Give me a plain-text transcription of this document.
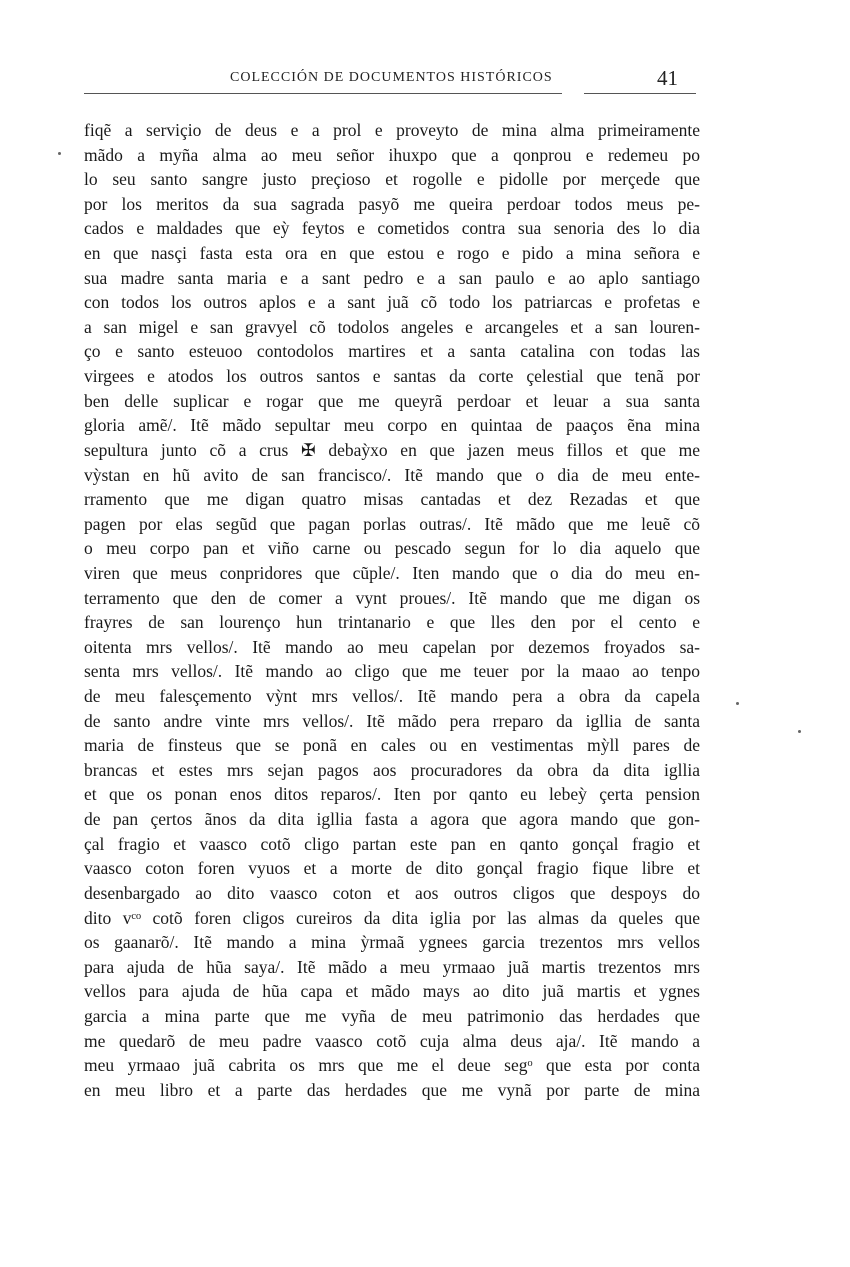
COLECCIÓN DE DOCUMENTOS HISTÓRICOS	41
fiqẽ a serviçio de deus e a prol e proveyto de mina alma primeiramente
mãdo a myña alma ao meu señor ihuxpo que a qonprou e redemeu po
lo seu santo sangre justo preçioso et rogolle e pidolle por merçede que
por los meritos da sua sagrada pasyõ me queira perdoar todos meus pe-
cados e maldades que eỳ feytos e cometidos contra sua senoria des lo dia
en que nasçi fasta esta ora en que estou e rogo e pido a mina señora e
sua madre santa maria e a sant pedro e a san paulo e ao aplo santiago
con todos los outros aplos e a sant juã cõ todo los patriarcas e profetas e
a san migel e san gravyel cõ todolos angeles e arcangeles et a san louren-
ço e santo esteuoo contodolos martires et a santa catalina con todas las
virgees e atodos los outros santos e santas da corte çelestial que tenã por
ben delle suplicar e rogar que me queyrã perdoar et leuar a sua santa
gloria amẽ/. Itẽ mãdo sepultar meu corpo en quintaa de paaços ẽna mina
sepultura junto cõ a crus ✠ debaỳxo en que jazen meus fillos et que me
vỳstan en hũ avito de san francisco/. Itẽ mando que o dia de meu ente-
rramento que me digan quatro misas cantadas et dez Rezadas et que
pagen por elas segũd que pagan porlas outras/. Itẽ mãdo que me leuẽ cõ
o meu corpo pan et viño carne ou pescado segun for lo dia aquelo que
viren que meus conpridores que cũple/. Iten mando que o dia do meu en-
terramento que den de comer a vynt proues/. Itẽ mando que me digan os
frayres de san lourenço hun trintanario e que lles den por el cento e
oitenta mrs vellos/. Itẽ mando ao meu capelan por dezemos froyados sa-
senta mrs vellos/. Itẽ mando ao cligo que me teuer por la maao ao tenpo
de meu falesçemento vỳnt mrs vellos/. Itẽ mando pera a obra da capela
de santo andre vinte mrs vellos/. Itẽ mãdo pera rreparo da igllia de santa
maria de finsteus que se ponã en cales ou en vestimentas mỳll pares de
brancas et estes mrs sejan pagos aos procuradores da obra da dita igllia
et que os ponan enos ditos reparos/. Iten por qanto eu lebeỳ çerta pension
de pan çertos ãnos da dita igllia fasta a agora que agora mando que gon-
çal fragio et vaasco cotõ cligo partan este pan en qanto gonçal fragio et
vaasco coton foren vyuos et a morte de dito gonçal fragio fique libre et
desenbargado ao dito vaasco coton et aos outros cligos que despoys do
dito vᶜᵒ cotõ foren cligos cureiros da dita iglia por las almas da queles que
os gaanarõ/. Itẽ mando a mina ỳrmaã ygnees garcia trezentos mrs vellos
para ajuda de hũa saya/. Itẽ mãdo a meu yrmaao juã martis trezentos mrs
vellos para ajuda de hũa capa et mãdo mays ao dito juã martis et ygnes
garcia a mina parte que me vyña de meu patrimonio das herdades que
me quedarõ de meu padre vaasco cotõ cuja alma deus aja/. Itẽ mando a
meu yrmaao juã cabrita os mrs que me el deue segᵒ que esta por conta
en meu libro et a parte das herdades que me vynã por parte de mina
